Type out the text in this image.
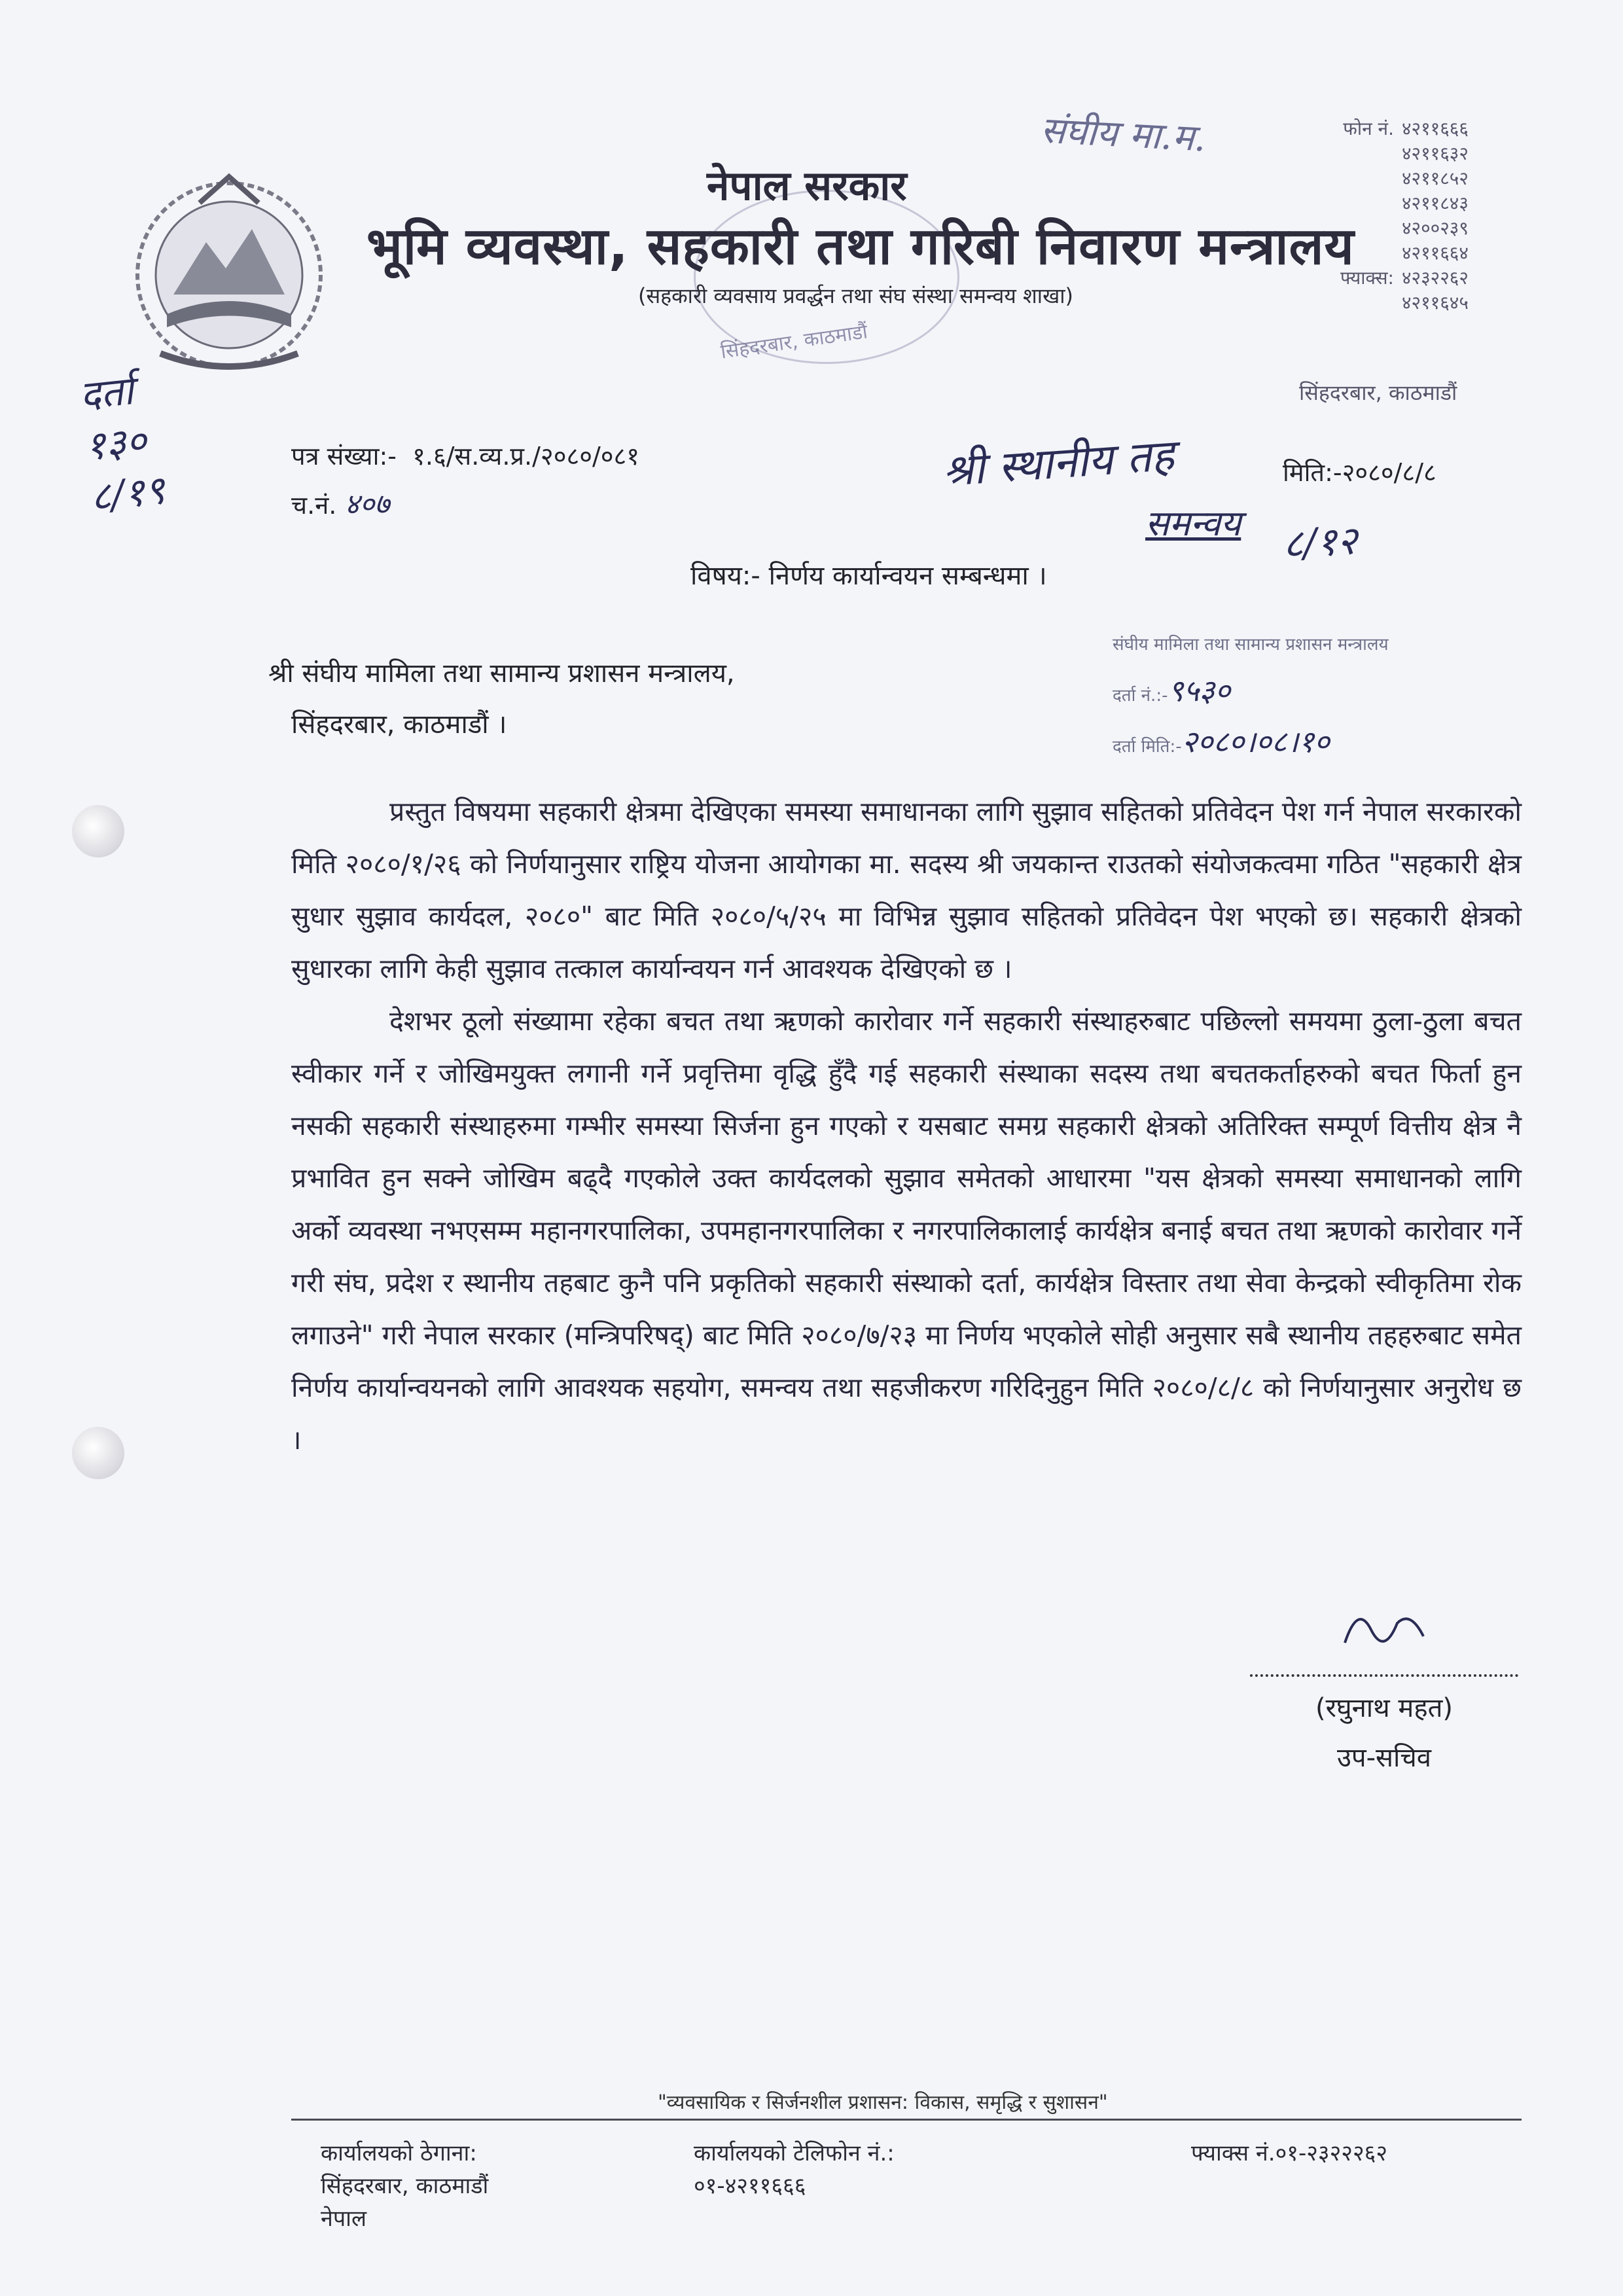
सिंहदरबार, काठमाडौं
नेपाल सरकार
भूमि व्यवस्था, सहकारी तथा गरिबी निवारण मन्त्रालय
(सहकारी व्यवसाय प्रवर्द्धन तथा संघ संस्था समन्वय शाखा)
संघीय मा.म.	फोन नं. ४२११६६६
४२११६३२
४२११८५२
४२११८४३
४२००२३९
४२११६६४
फ्याक्स: ४२३२२६२
४२११६४५
सिंहदरबार, काठमाडौं
दर्ता
१३०
८/१९
पत्र संख्या:- १.६/स.व्य.प्र./२०८०/०८१
च.नं. ४०७
श्री स्थानीय तह
समन्वय ८/१२
मिति:-२०८०/८/८
विषय:- निर्णय कार्यान्वयन सम्बन्धमा ।
श्री संघीय मामिला तथा सामान्य प्रशासन मन्त्रालय,
सिंहदरबार, काठमाडौं ।
संघीय मामिला तथा सामान्य प्रशासन मन्त्रालय
दर्ता नं.:-९५३०
दर्ता मिति:-२०८०।०८।१०

प्रस्तुत विषयमा सहकारी क्षेत्रमा देखिएका समस्या समाधानका लागि सुझाव सहितको प्रतिवेदन पेश गर्न नेपाल सरकारको मिति २०८०/१/२६ को निर्णयानुसार राष्ट्रिय योजना आयोगका मा. सदस्य श्री जयकान्त राउतको संयोजकत्वमा गठित "सहकारी क्षेत्र सुधार सुझाव कार्यदल, २०८०" बाट मिति २०८०/५/२५ मा विभिन्न सुझाव सहितको प्रतिवेदन पेश भएको छ। सहकारी क्षेत्रको सुधारका लागि केही सुझाव तत्काल कार्यान्वयन गर्न आवश्यक देखिएको छ ।

देशभर ठूलो संख्यामा रहेका बचत तथा ऋणको कारोवार गर्ने सहकारी संस्थाहरुबाट पछिल्लो समयमा ठुला-ठुला बचत स्वीकार गर्ने र जोखिमयुक्त लगानी गर्ने प्रवृत्तिमा वृद्धि हुँदै गई सहकारी संस्थाका सदस्य तथा बचतकर्ताहरुको बचत फिर्ता हुन नसकी सहकारी संस्थाहरुमा गम्भीर समस्या सिर्जना हुन गएको र यसबाट समग्र सहकारी क्षेत्रको अतिरिक्त सम्पूर्ण वित्तीय क्षेत्र नै प्रभावित हुन सक्ने जोखिम बढ्दै गएकोले उक्त कार्यदलको सुझाव समेतको आधारमा "यस क्षेत्रको समस्या समाधानको लागि अर्को व्यवस्था नभएसम्म महानगरपालिका, उपमहानगरपालिका र नगरपालिकालाई कार्यक्षेत्र बनाई बचत तथा ऋणको कारोवार गर्ने गरी संघ, प्रदेश र स्थानीय तहबाट कुनै पनि प्रकृतिको सहकारी संस्थाको दर्ता, कार्यक्षेत्र विस्तार तथा सेवा केन्द्रको स्वीकृतिमा रोक लगाउने" गरी नेपाल सरकार (मन्त्रिपरिषद्) बाट मिति २०८०/७/२३ मा निर्णय भएकोले सोही अनुसार सबै स्थानीय तहहरुबाट समेत निर्णय कार्यान्वयनको लागि आवश्यक सहयोग, समन्वय तथा सहजीकरण गरिदिनुहुन मिति २०८०/८/८ को निर्णयानुसार अनुरोध छ ।

(रघुनाथ महत)
उप-सचिव
"व्यवसायिक र सिर्जनशील प्रशासन: विकास, समृद्धि र सुशासन"
कार्यालयको ठेगाना:
सिंहदरबार, काठमाडौं
नेपाल
कार्यालयको टेलिफोन नं.:
०१-४२११६६६
फ्याक्स नं.०१-२३२२२६२
